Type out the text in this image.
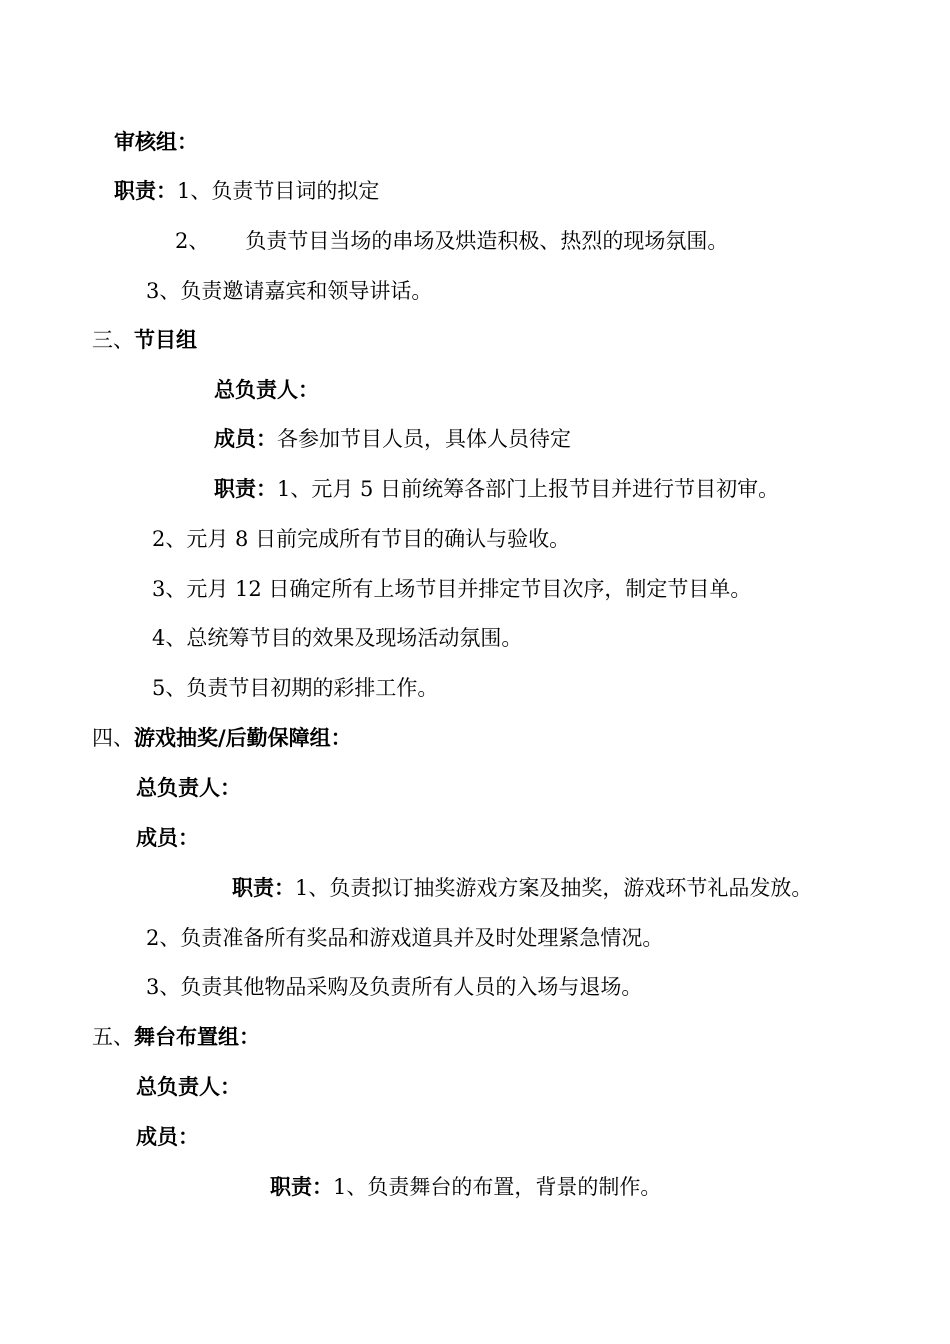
审核组：
职责：1、负责节目词的拟定
2、 负责节目当场的串场及烘造积极、热烈的现场氛围。
3、负责邀请嘉宾和领导讲话。
三、节目组
总负责人：
成员：各参加节目人员，具体人员待定
职责：1、元月 5 日前统筹各部门上报节目并进行节目初审。
2、元月 8 日前完成所有节目的确认与验收。
3、元月 12 日确定所有上场节目并排定节目次序，制定节目单。
4、总统筹节目的效果及现场活动氛围。
5、负责节目初期的彩排工作。
四、游戏抽奖/后勤保障组：
总负责人：
成员：
职责：1、负责拟订抽奖游戏方案及抽奖，游戏环节礼品发放。
2、负责准备所有奖品和游戏道具并及时处理紧急情况。
3、负责其他物品采购及负责所有人员的入场与退场。
五、舞台布置组：
总负责人：
成员：
职责：1、负责舞台的布置，背景的制作。
